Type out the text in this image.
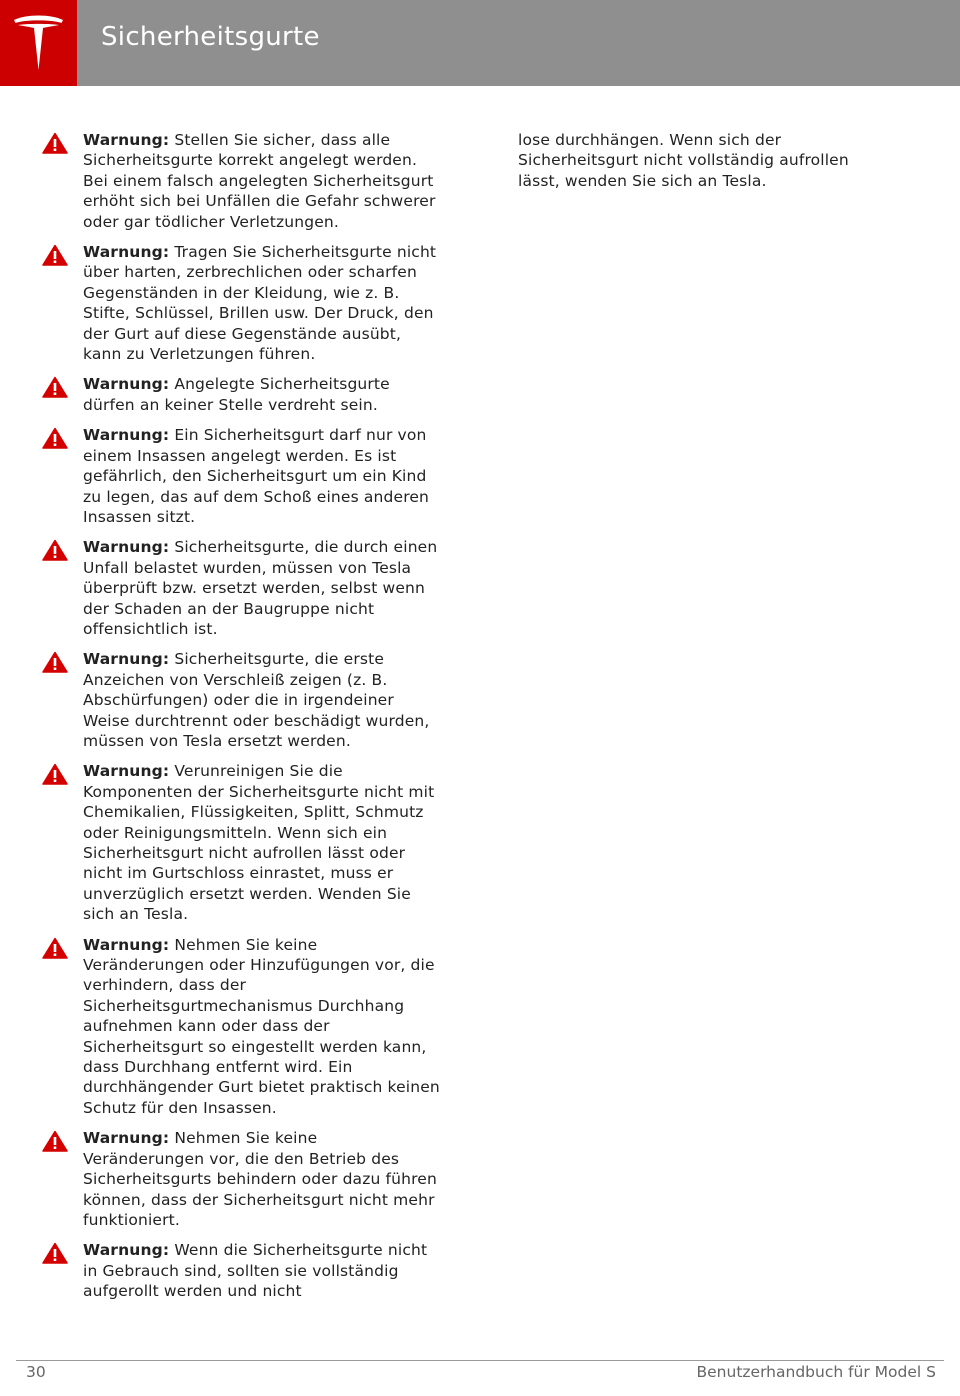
Sicherheitsgurte
Warnung: Stellen Sie sicher, dass alle Sicherheitsgurte korrekt angelegt werden. Bei einem falsch angelegten Sicherheitsgurt erhöht sich bei Unfällen die Gefahr schwerer oder gar tödlicher Verletzungen.
Warnung: Tragen Sie Sicherheitsgurte nicht über harten, zerbrechlichen oder scharfen Gegenständen in der Kleidung, wie z. B. Stifte, Schlüssel, Brillen usw. Der Druck, den der Gurt auf diese Gegenstände ausübt, kann zu Verletzungen führen.
Warnung: Angelegte Sicherheitsgurte dürfen an keiner Stelle verdreht sein.
Warnung: Ein Sicherheitsgurt darf nur von einem Insassen angelegt werden. Es ist gefährlich, den Sicherheitsgurt um ein Kind zu legen, das auf dem Schoß eines anderen Insassen sitzt.
Warnung: Sicherheitsgurte, die durch einen Unfall belastet wurden, müssen von Tesla überprüft bzw. ersetzt werden, selbst wenn der Schaden an der Baugruppe nicht offensichtlich ist.
Warnung: Sicherheitsgurte, die erste Anzeichen von Verschleiß zeigen (z. B. Abschürfungen) oder die in irgendeiner Weise durchtrennt oder beschädigt wurden, müssen von Tesla ersetzt werden.
Warnung: Verunreinigen Sie die Komponenten der Sicherheitsgurte nicht mit Chemikalien, Flüssigkeiten, Splitt, Schmutz oder Reinigungsmitteln. Wenn sich ein Sicherheitsgurt nicht aufrollen lässt oder nicht im Gurtschloss einrastet, muss er unverzüglich ersetzt werden. Wenden Sie sich an Tesla.
Warnung: Nehmen Sie keine Veränderungen oder Hinzufügungen vor, die verhindern, dass der Sicherheitsgurtmechanismus Durchhang aufnehmen kann oder dass der Sicherheitsgurt so eingestellt werden kann, dass Durchhang entfernt wird. Ein durchhängender Gurt bietet praktisch keinen Schutz für den Insassen.
Warnung: Nehmen Sie keine Veränderungen vor, die den Betrieb des Sicherheitsgurts behindern oder dazu führen können, dass der Sicherheitsgurt nicht mehr funktioniert.
Warnung: Wenn die Sicherheitsgurte nicht in Gebrauch sind, sollten sie vollständig aufgerollt werden und nicht
lose durchhängen. Wenn sich der Sicherheitsgurt nicht vollständig aufrollen lässt, wenden Sie sich an Tesla.
30	Benutzerhandbuch für Model S
